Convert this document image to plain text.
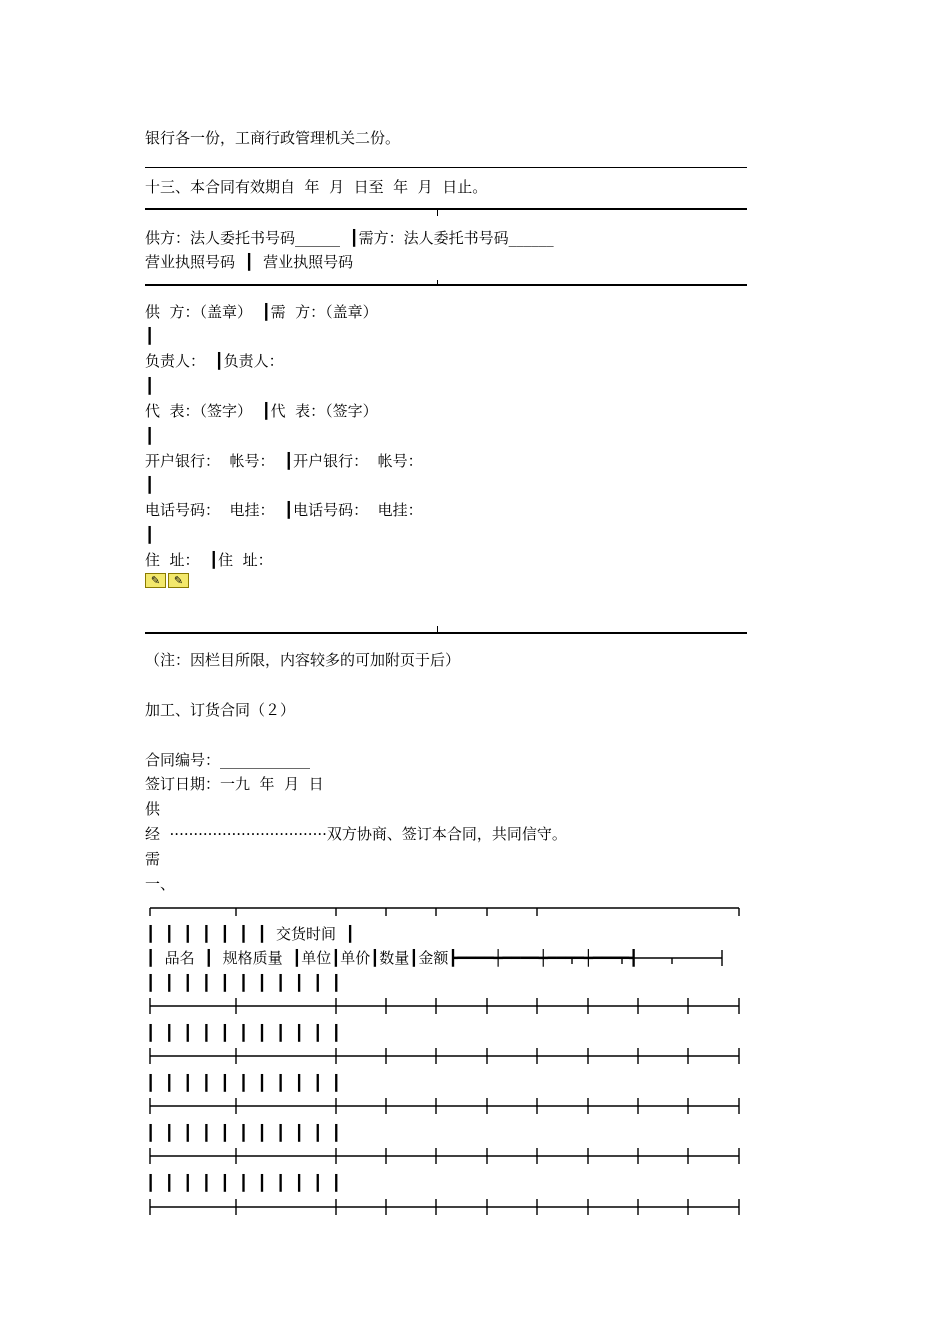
银行各一份，工商行政管理机关二份。
十三、本合同有效期自  年  月  日至  年  月  日止。
供方：法人委托书号码______  ┃需方：法人委托书号码______
营业执照号码  ┃  营业执照号码
供  方：（盖章）  ┃需  方：（盖章）
┃
负责人：  ┃负责人：
┃
代  表：（签字）  ┃代  表：（签字）
┃
开户银行：  帐号：  ┃开户银行：  帐号：
┃
电话号码：  电挂：  ┃电话号码：  电挂：
┃
住  址：  ┃住  址：
✎	✎
（注：因栏目所限，内容较多的可加附页于后）
加工、订货合同（２）
合同编号：____________
签订日期：一九  年  月  日
供
经  ·································双方协商、签订本合同，共同信守。
需
一、
┃  ┃  ┃  ┃  ┃  ┃  ┃  交货时间  ┃
┃  品名  ┃  规格质量  ┃单位┃单价┃数量┃金额┣━━━━┿━━━━┿━━━━┿━━━━┫
┃  ┃  ┃  ┃  ┃  ┃  ┃  ┃  ┃  ┃  ┃
┃  ┃  ┃  ┃  ┃  ┃  ┃  ┃  ┃  ┃  ┃
┃  ┃  ┃  ┃  ┃  ┃  ┃  ┃  ┃  ┃  ┃
┃  ┃  ┃  ┃  ┃  ┃  ┃  ┃  ┃  ┃  ┃
┃  ┃  ┃  ┃  ┃  ┃  ┃  ┃  ┃  ┃  ┃
